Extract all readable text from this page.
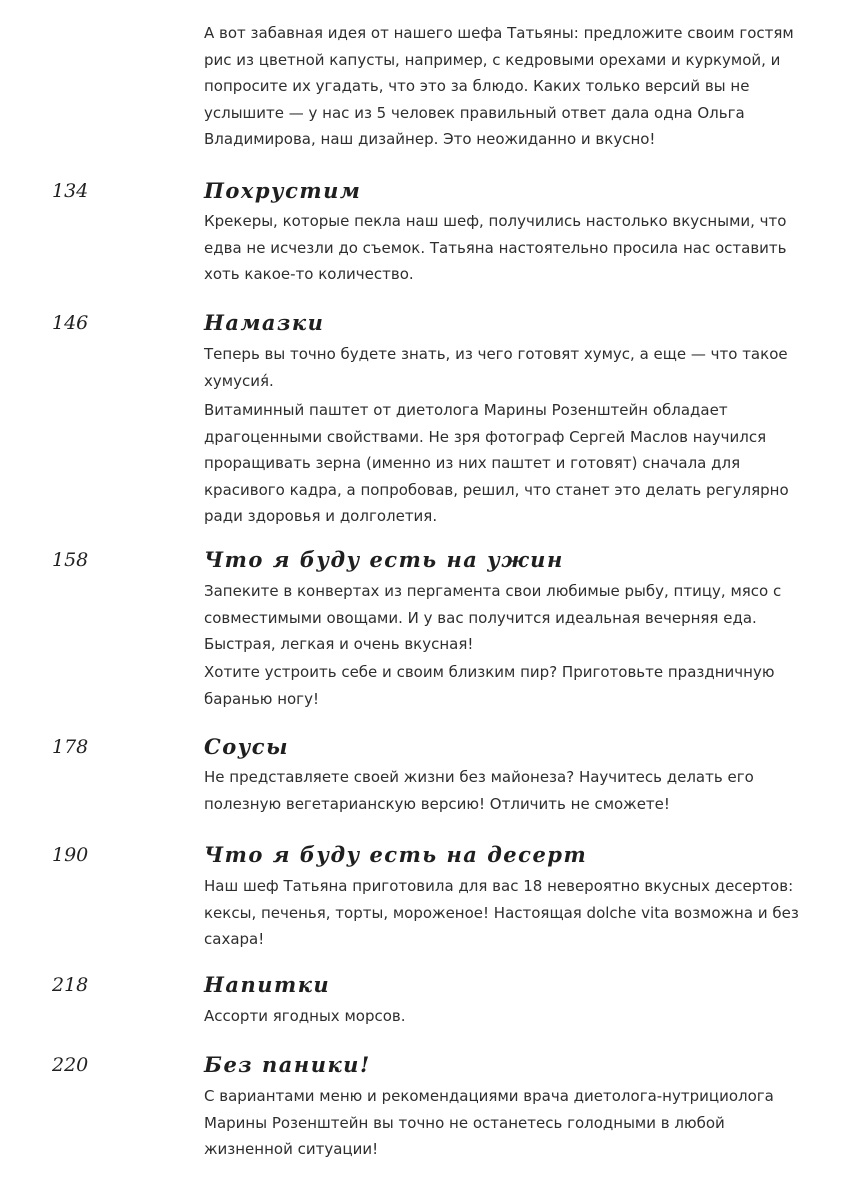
А вот забавная идея от нашего шефа Татьяны: предложите своим гостям рис из цветной капусты, например, с кедровыми орехами и куркумой, и попросите их угадать, что это за блюдо. Каких только версий вы не услышите — у нас из 5 человек правильный ответ дала одна Ольга Владимирова, наш дизайнер. Это неожиданно и вкусно!

134	Похрустим

Крекеры, которые пекла наш шеф, получились настолько вкусными, что едва не исчезли до съемок. Татьяна настоятельно просила нас оставить хоть какое-то количество.

146	Намазки

Теперь вы точно будете знать, из чего готовят хумус, а еще — что такое хумусия́.

Витаминный паштет от диетолога Марины Розенштейн обладает драгоценными свойствами. Не зря фотограф Сергей Маслов научился проращивать зерна (именно из них паштет и готовят) сначала для красивого кадра, а попробовав, решил, что станет это делать регулярно ради здоровья и долголетия.

158	Что я буду есть на ужин

Запеките в конвертах из пергамента свои любимые рыбу, птицу, мясо с совместимыми овощами. И у вас получится идеальная вечерняя еда. Быстрая, легкая и очень вкусная!

Хотите устроить себе и своим близким пир? Приготовьте праздничную баранью ногу!

178	Соусы

Не представляете своей жизни без майонеза? Научитесь делать его полезную вегетарианскую версию! Отличить не сможете!

190	Что я буду есть на десерт

Наш шеф Татьяна приготовила для вас 18 невероятно вкусных десертов: кексы, печенья, торты, мороженое! Настоящая dolche vita возможна и без сахара!

218	Напитки

Ассорти ягодных морсов.

220	Без паники!

С вариантами меню и рекомендациями врача диетолога-нутрициолога Марины Розенштейн вы точно не останетесь голодными в любой жизненной ситуации!
